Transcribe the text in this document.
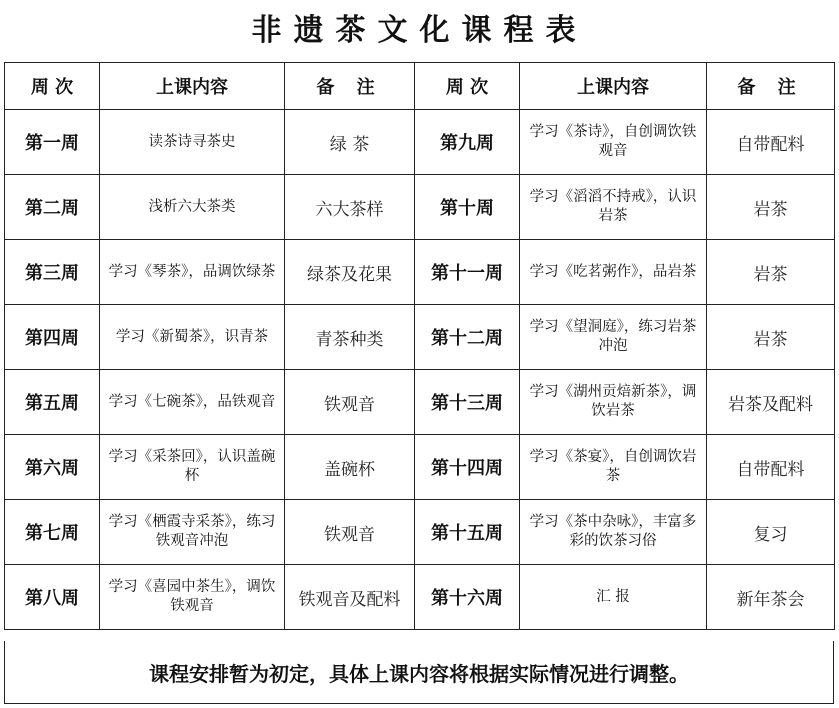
非遗茶文化课程表
周 次	上课内容	备 注	周 次	上课内容	备 注
第一周	读茶诗寻茶史	绿 茶	第九周	学习《茶诗》，自创调饮铁观音	自带配料
第二周	浅析六大茶类	六大茶样	第十周	学习《滔滔不持戒》，认识岩茶	岩茶
第三周	学习《琴茶》，品调饮绿茶	绿茶及花果	第十一周	学习《吃茗粥作》，品岩茶	岩茶
第四周	学习《新蜀茶》，识青茶	青茶种类	第十二周	学习《望洞庭》，练习岩茶冲泡	岩茶
第五周	学习《七碗茶》，品铁观音	铁观音	第十三周	学习《湖州贡焙新茶》，调饮岩茶	岩茶及配料
第六周	学习《采茶回》，认识盖碗杯	盖碗杯	第十四周	学习《茶宴》，自创调饮岩茶	自带配料
第七周	学习《栖霞寺采茶》，练习铁观音冲泡	铁观音	第十五周	学习《茶中杂咏》，丰富多彩的饮茶习俗	复习
第八周	学习《喜园中茶生》，调饮铁观音	铁观音及配料	第十六周	汇 报	新年茶会
课程安排暂为初定，具体上课内容将根据实际情况进行调整。
